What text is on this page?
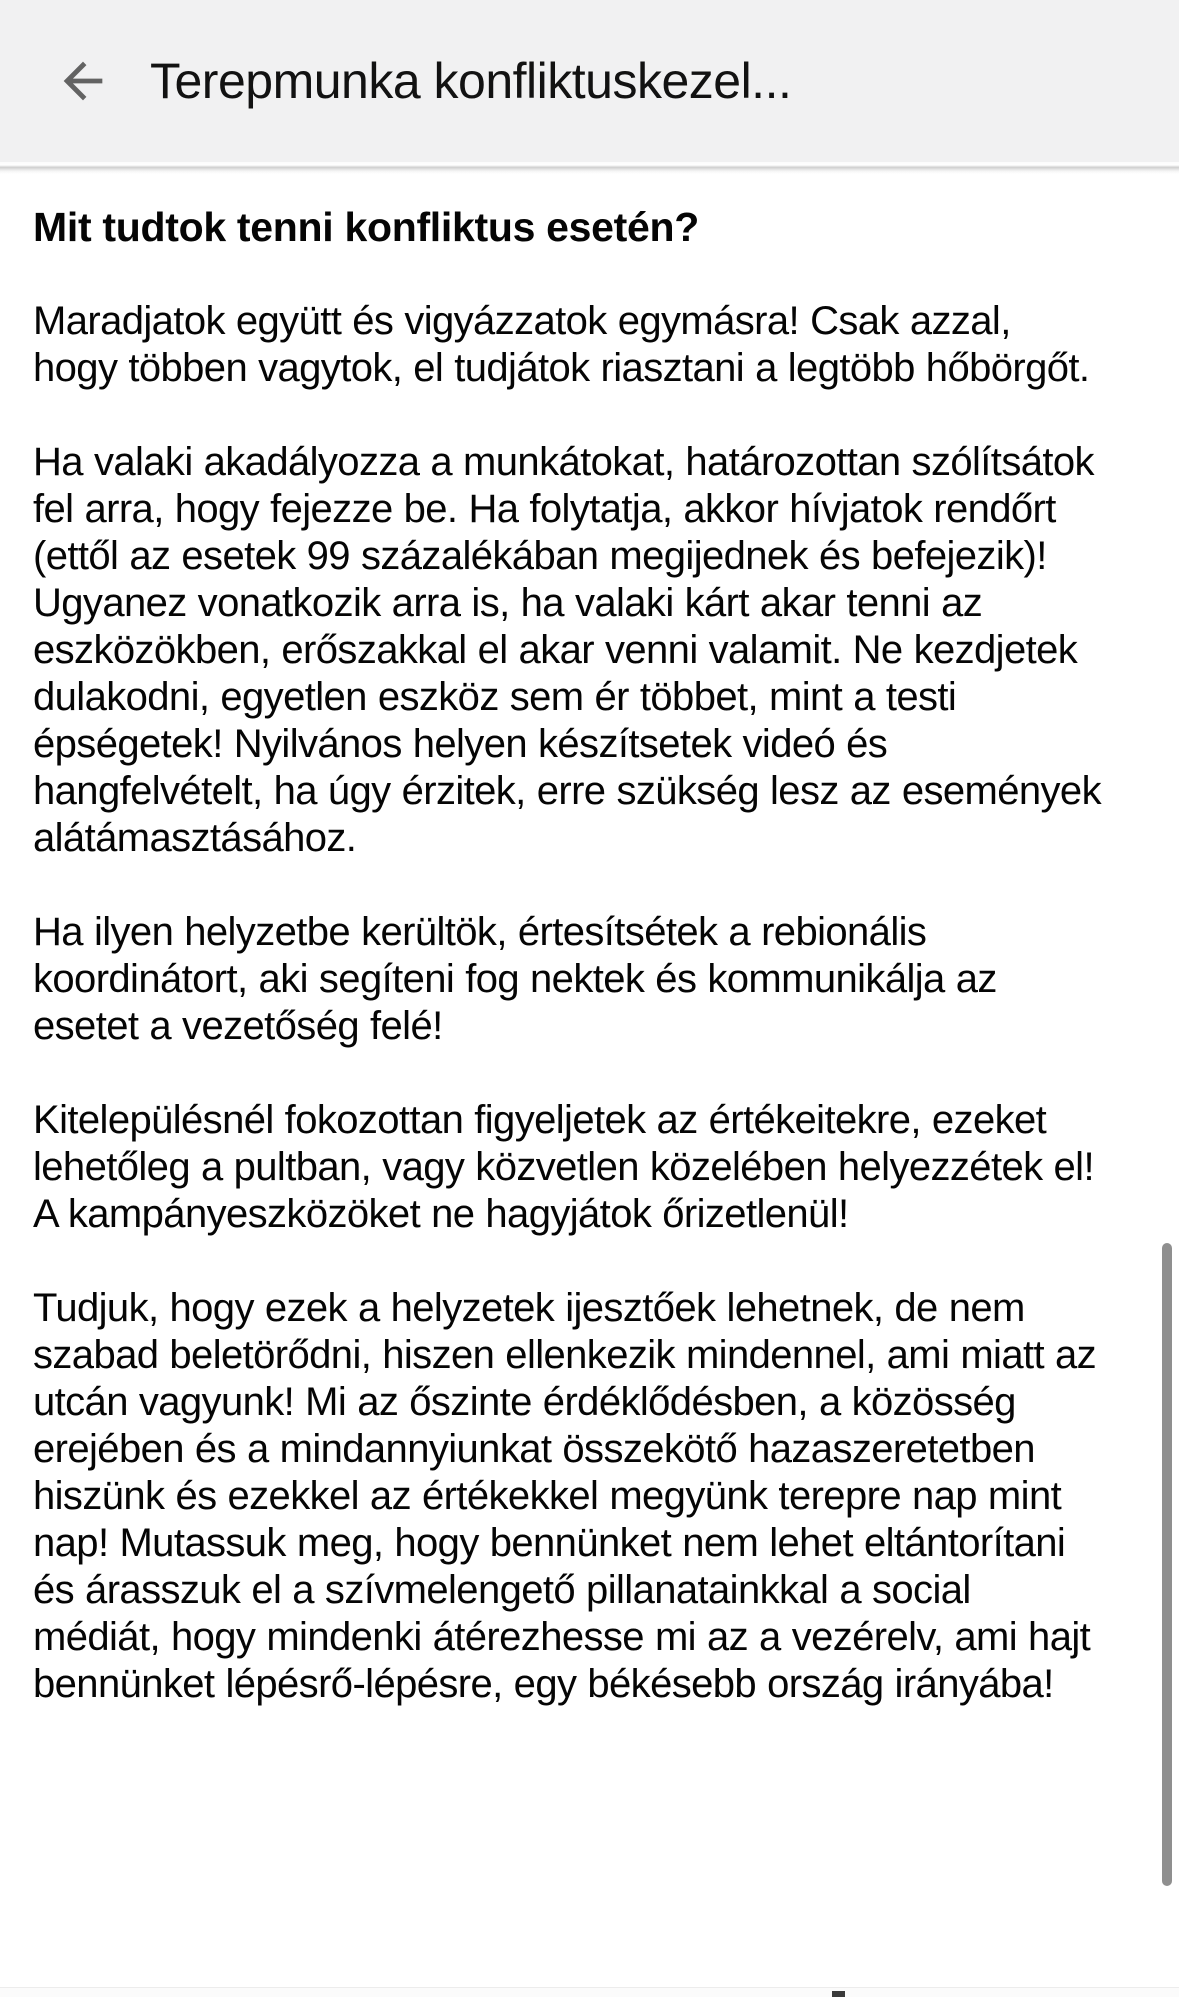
Terepmunka konfliktuskezel...
Mit tudtok tenni konfliktus esetén?

Maradjatok együtt és vigyázzatok egymásra! Csak azzal, hogy többen vagytok, el tudjátok riasztani a legtöbb hőbörgőt.

Ha valaki akadályozza a munkátokat, határozottan szólítsátok fel arra, hogy fejezze be. Ha folytatja, akkor hívjatok rendőrt (ettől az esetek 99 százalékában megijednek és befejezik)! Ugyanez vonatkozik arra is, ha valaki kárt akar tenni az eszközökben, erőszakkal el akar venni valamit. Ne kezdjetek dulakodni, egyetlen eszköz sem ér többet, mint a testi épségetek! Nyilvános helyen készítsetek videó és hangfelvételt, ha úgy érzitek, erre szükség lesz az események alátámasztásához.

Ha ilyen helyzetbe kerültök, értesítsétek a rebionális koordinátort, aki segíteni fog nektek és kommunikálja az esetet a vezetőség felé!

Kitelepülésnél fokozottan figyeljetek az értékeitekre, ezeket lehetőleg a pultban, vagy közvetlen közelében helyezzétek el! A kampányeszközöket ne hagyjátok őrizetlenül!

Tudjuk, hogy ezek a helyzetek ijesztőek lehetnek, de nem szabad beletörődni, hiszen ellenkezik mindennel, ami miatt az utcán vagyunk! Mi az őszinte érdéklődésben, a közösség erejében és a mindannyiunkat összekötő hazaszeretetben hiszünk és ezekkel az értékekkel megyünk terepre nap mint nap! Mutassuk meg, hogy bennünket nem lehet eltántorítani és árasszuk el a szívmelengető pillanatainkkal a social médiát, hogy mindenki átérezhesse mi az a vezérelv, ami hajt bennünket lépésrő-lépésre, egy békésebb ország irányába!
